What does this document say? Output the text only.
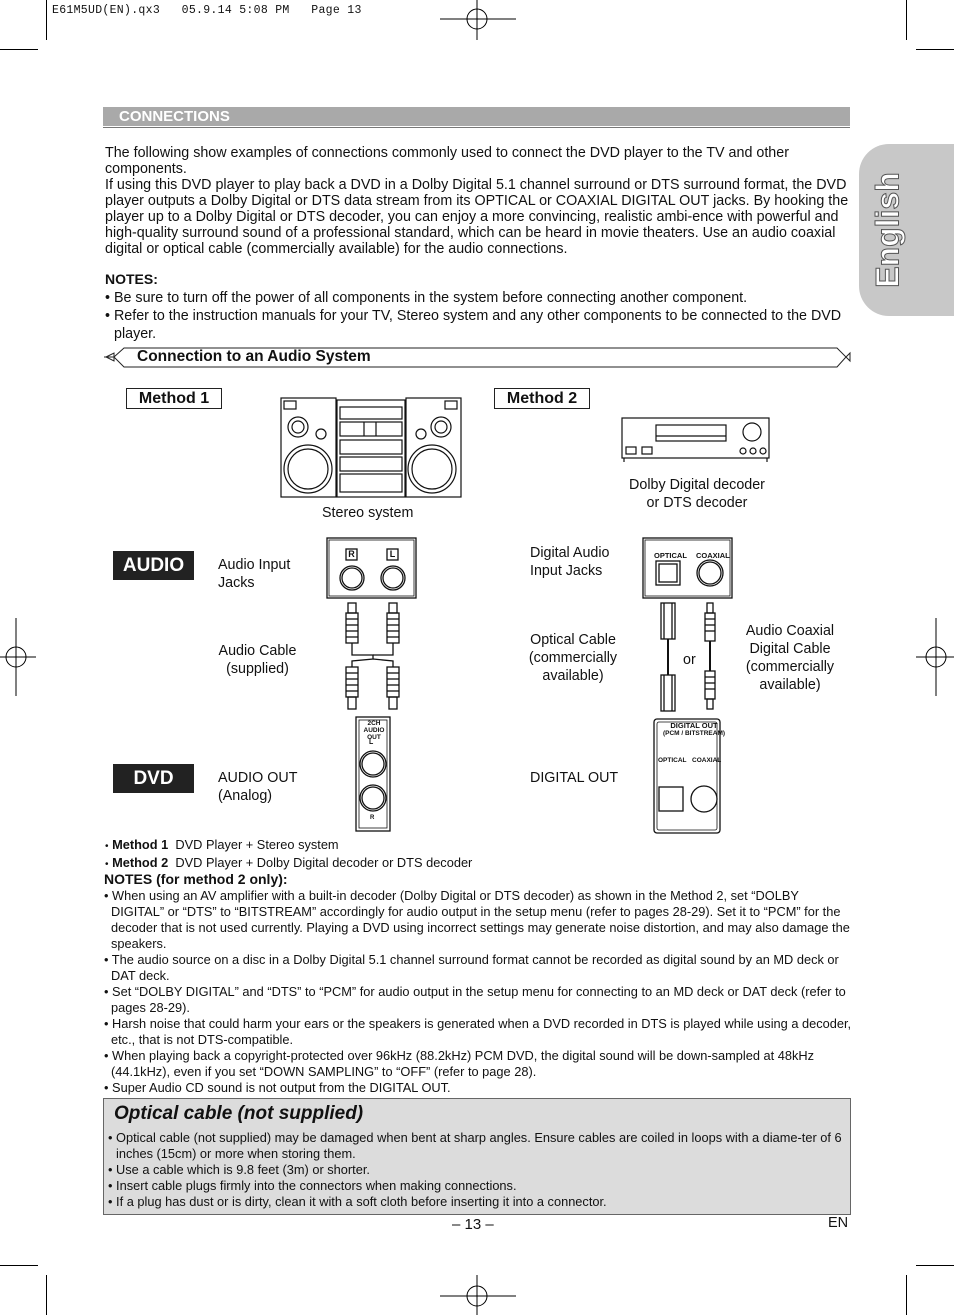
E61M5UD(EN).qx3   05.9.14 5:08 PM   Page 13
English
CONNECTIONS

The following show examples of connections commonly used to connect the DVD player to the TV and other components.

If using this DVD player to play back a DVD in a Dolby Digital 5.1 channel surround or DTS surround format, the DVD player outputs a Dolby Digital or DTS data stream from its OPTICAL or COAXIAL DIGITAL OUT jacks. By hooking the player up to a Dolby Digital or DTS decoder, you can enjoy a more convincing, realistic ambi-ence with powerful and high-quality surround sound of a professional standard, which can be heard in movie theaters. Use an audio coaxial digital or optical cable (commercially available) for the audio connections.

NOTES:
• Be sure to turn off the power of all components in the system before connecting another component.
• Refer to the instruction manuals for your TV, Stereo system and any other components to be connected to the DVD player.
Connection to an Audio System
Method 1	Method 2
AUDIO
DVD
Stereo system
Dolby Digital decoder
or DTS decoder
Audio Input
Jacks
Audio Cable
(supplied)
AUDIO OUT
(Analog)
R	L
2CH AUDIO
OUT
L
R
Digital Audio
Input Jacks
Optical Cable
(commercially
available)
or
Audio Coaxial
Digital Cable
(commercially
available)
DIGITAL OUT
OPTICAL COAXIAL
DIGITAL OUT
(PCM / BITSTREAM)
OPTICAL COAXIAL
• Method 1 DVD Player + Stereo system
• Method 2 DVD Player + Dolby Digital decoder or DTS decoder
NOTES (for method 2 only):
• When using an AV amplifier with a built-in decoder (Dolby Digital or DTS decoder) as shown in the Method 2, set “DOLBY DIGITAL” or “DTS” to “BITSTREAM” accordingly for audio output in the setup menu (refer to pages 28-29). Set it to “PCM” for the decoder that is not used currently. Playing a DVD using incorrect settings may generate noise distortion, and may also damage the speakers.
• The audio source on a disc in a Dolby Digital 5.1 channel surround format cannot be recorded as digital sound by an MD deck or DAT deck.
• Set “DOLBY DIGITAL” and “DTS” to “PCM” for audio output in the setup menu for connecting to an MD deck or DAT deck (refer to pages 28-29).
• Harsh noise that could harm your ears or the speakers is generated when a DVD recorded in DTS is played while using a decoder, etc., that is not DTS-compatible.
• When playing back a copyright-protected over 96kHz (88.2kHz) PCM DVD, the digital sound will be down-sampled at 48kHz (44.1kHz), even if you set “DOWN SAMPLING” to “OFF” (refer to page 28).
• Super Audio CD sound is not output from the DIGITAL OUT.
Optical cable (not supplied)
• Optical cable (not supplied) may be damaged when bent at sharp angles. Ensure cables are coiled in loops with a diame-ter of 6 inches (15cm) or more when storing them.
• Use a cable which is 9.8 feet (3m) or shorter.
• Insert cable plugs firmly into the connectors when making connections.
• If a plug has dust or is dirty, clean it with a soft cloth before inserting it into a connector.
– 13 –	EN
